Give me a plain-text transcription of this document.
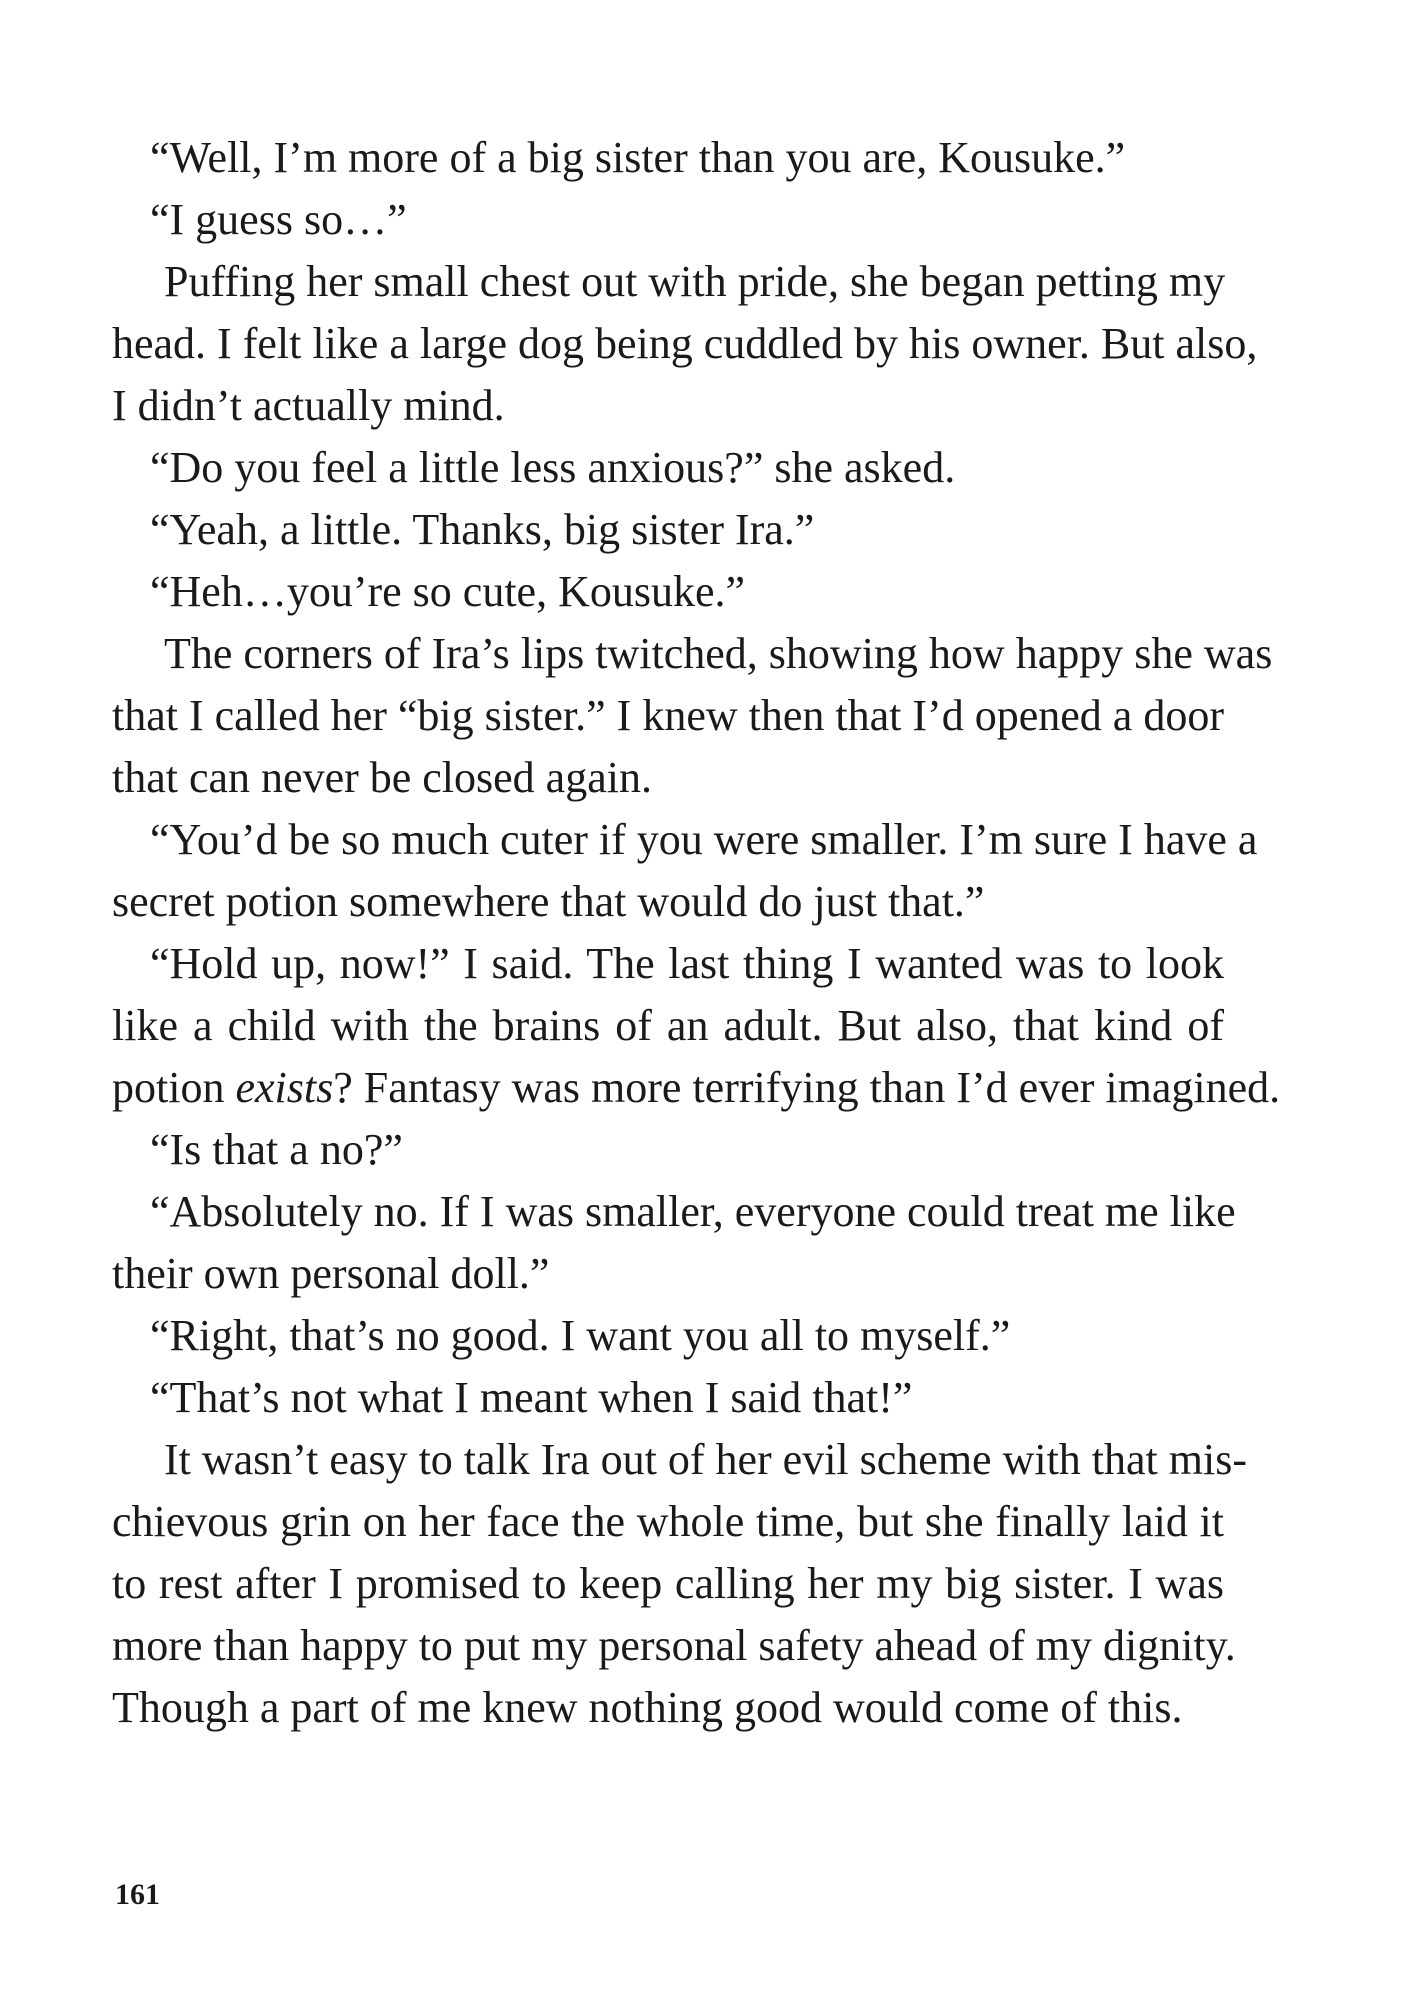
“Well, I’m more of a big sister than you are, Kousuke.”
“I guess so…”
Puffing her small chest out with pride, she began petting my
head. I felt like a large dog being cuddled by his owner. But also,
I didn’t actually mind.
“Do you feel a little less anxious?” she asked.
“Yeah, a little. Thanks, big sister Ira.”
“Heh…you’re so cute, Kousuke.”
The corners of Ira’s lips twitched, showing how happy she was
that I called her “big sister.” I knew then that I’d opened a door
that can never be closed again.
“You’d be so much cuter if you were smaller. I’m sure I have a
secret potion somewhere that would do just that.”
“Hold up, now!” I said. The last thing I wanted was to look
like a child with the brains of an adult. But also, that kind of
potion exists? Fantasy was more terrifying than I’d ever imagined.
“Is that a no?”
“Absolutely no. If I was smaller, everyone could treat me like
their own personal doll.”
“Right, that’s no good. I want you all to myself.”
“That’s not what I meant when I said that!”
It wasn’t easy to talk Ira out of her evil scheme with that mis-
chievous grin on her face the whole time, but she finally laid it
to rest after I promised to keep calling her my big sister. I was
more than happy to put my personal safety ahead of my dignity.
Though a part of me knew nothing good would come of this.
161
